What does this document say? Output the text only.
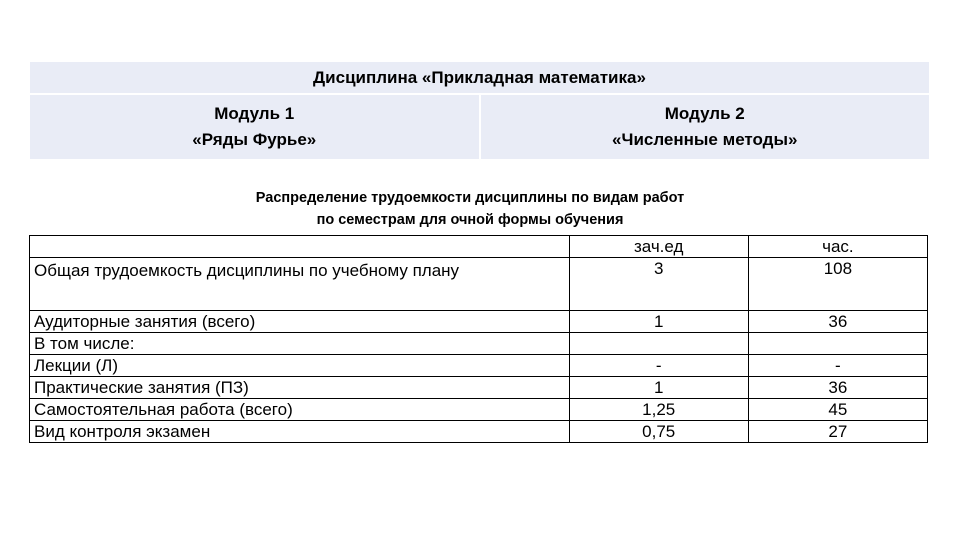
Дисциплина «Прикладная математика»

Модуль 1
«Ряды Фурье»

Модуль 2
«Численные методы»
Распределение трудоемкости дисциплины по видам работ
по семестрам для очной формы обучения
	зач.ед	час.
Общая трудоемкость дисциплины по учебному плану	3	108
Аудиторные занятия (всего)	1	36
В том числе:		
Лекции (Л)	-	-
Практические занятия (ПЗ)	1	36
Самостоятельная работа (всего)	1,25	45
Вид контроля экзамен	0,75	27
